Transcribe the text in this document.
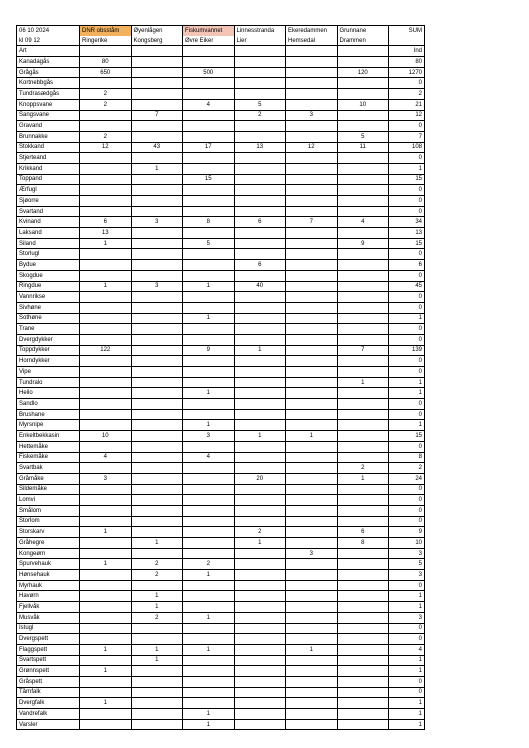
06 10 2024	DNR obsståm	Øyenlågen	Fiskumvannet	Linnesstranda	Ekeredammen	Grunnane	SUM
kl 09 12	Ringerike	Kongsberg	Øvre Eiker	Lier	Hemsedal	Drammen	
Art							Ind
Kanadagås	80						80
Grågås	650		500			120	1270
Kortnebbgås							0
Tundrasædgås	2						2
Knoppsvane	2		4	5		10	21
Sangsvane		7		2	3		12
Gravand							0
Brunnakke	2					5	7
Stokkand	12	43	17	13	12	11	108
Stjerteand							0
Krikkand		1					1
Toppand			15				15
Ærfugl							0
Sjøorre							0
Svartand							0
Kvinand	6	3	8	6	7	4	34
Laksand	13						13
Siland	1		5			9	15
Storlugl							0
Bydue				6			6
Skogdue							0
Ringdue	1	3	1	40			45
Vannrikse							0
Sivhøne							0
Sothøne			1				1
Trane							0
Dvergdykker							0
Toppdykker	122		9	1		7	139
Horndykker							0
Vipe							0
Tundralo						1	1
Heilo			1				1
Sandlo							0
Brushane							0
Myrsnipe			1				1
Enkeltbekkasin	10		3	1	1		15
Hettemåke							0
Fiskemåke	4		4				8
Svartbak						2	2
Gråmåke	3			20		1	24
Sildemåke							0
Lomvi							0
Smålom							0
Storlom							0
Storskarv	1			2		6	9
Gråhegre		1		1		8	10
Kongeørn					3		3
Spurvehauk	1	2	2				5
Hønsehauk		2	1				3
Myrhauk							0
Havørn		1					1
Fjellvåk		1					1
Musvåk		2	1				3
Istugl							0
Dvergspett							0
Flaggspett	1	1	1		1		4
Svartspett		1					1
Grønnspett	1						1
Gråspett							0
Tårnfalk							0
Dvergfalk	1						1
Vandrefalk			1				1
Varsler			1				1
